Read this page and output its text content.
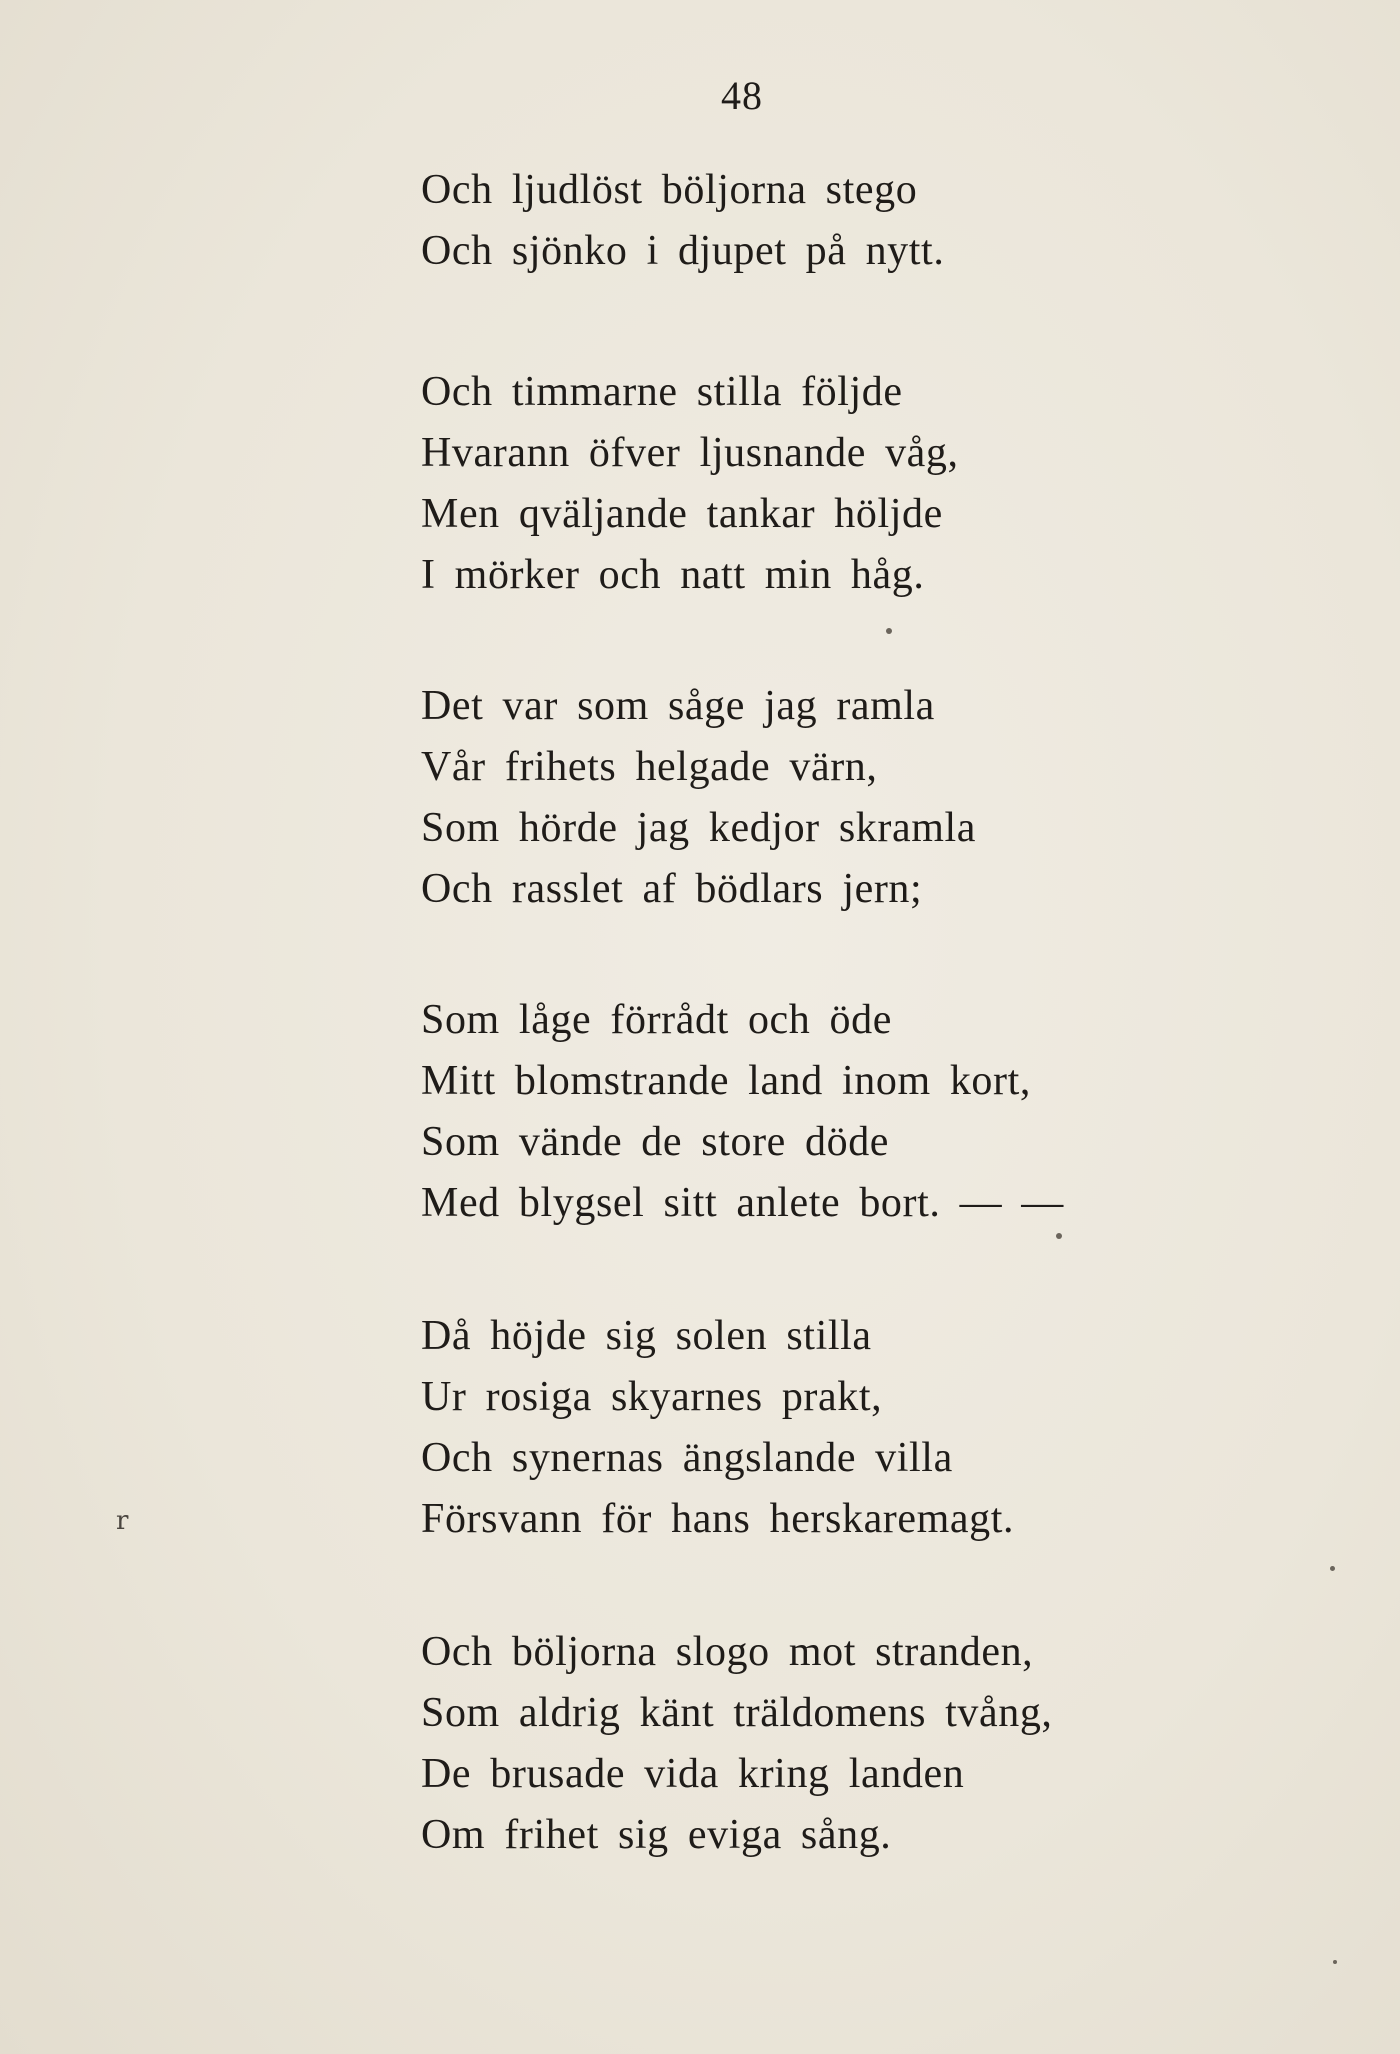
48
Och ljudlöst böljorna stego
Och sjönko i djupet på nytt.
Och timmarne stilla följde
Hvarann öfver ljusnande våg,
Men qväljande tankar höljde
I mörker och natt min håg.
Det var som såge jag ramla
Vår frihets helgade värn,
Som hörde jag kedjor skramla
Och rasslet af bödlars jern;
Som låge förrådt och öde
Mitt blomstrande land inom kort,
Som vände de store döde
Med blygsel sitt anlete bort. — —
Då höjde sig solen stilla
Ur rosiga skyarnes prakt,
Och synernas ängslande villa
Försvann för hans herskaremagt.
Och böljorna slogo mot stranden,
Som aldrig känt träldomens tvång,
De brusade vida kring landen
Om frihet sig eviga sång.
r
